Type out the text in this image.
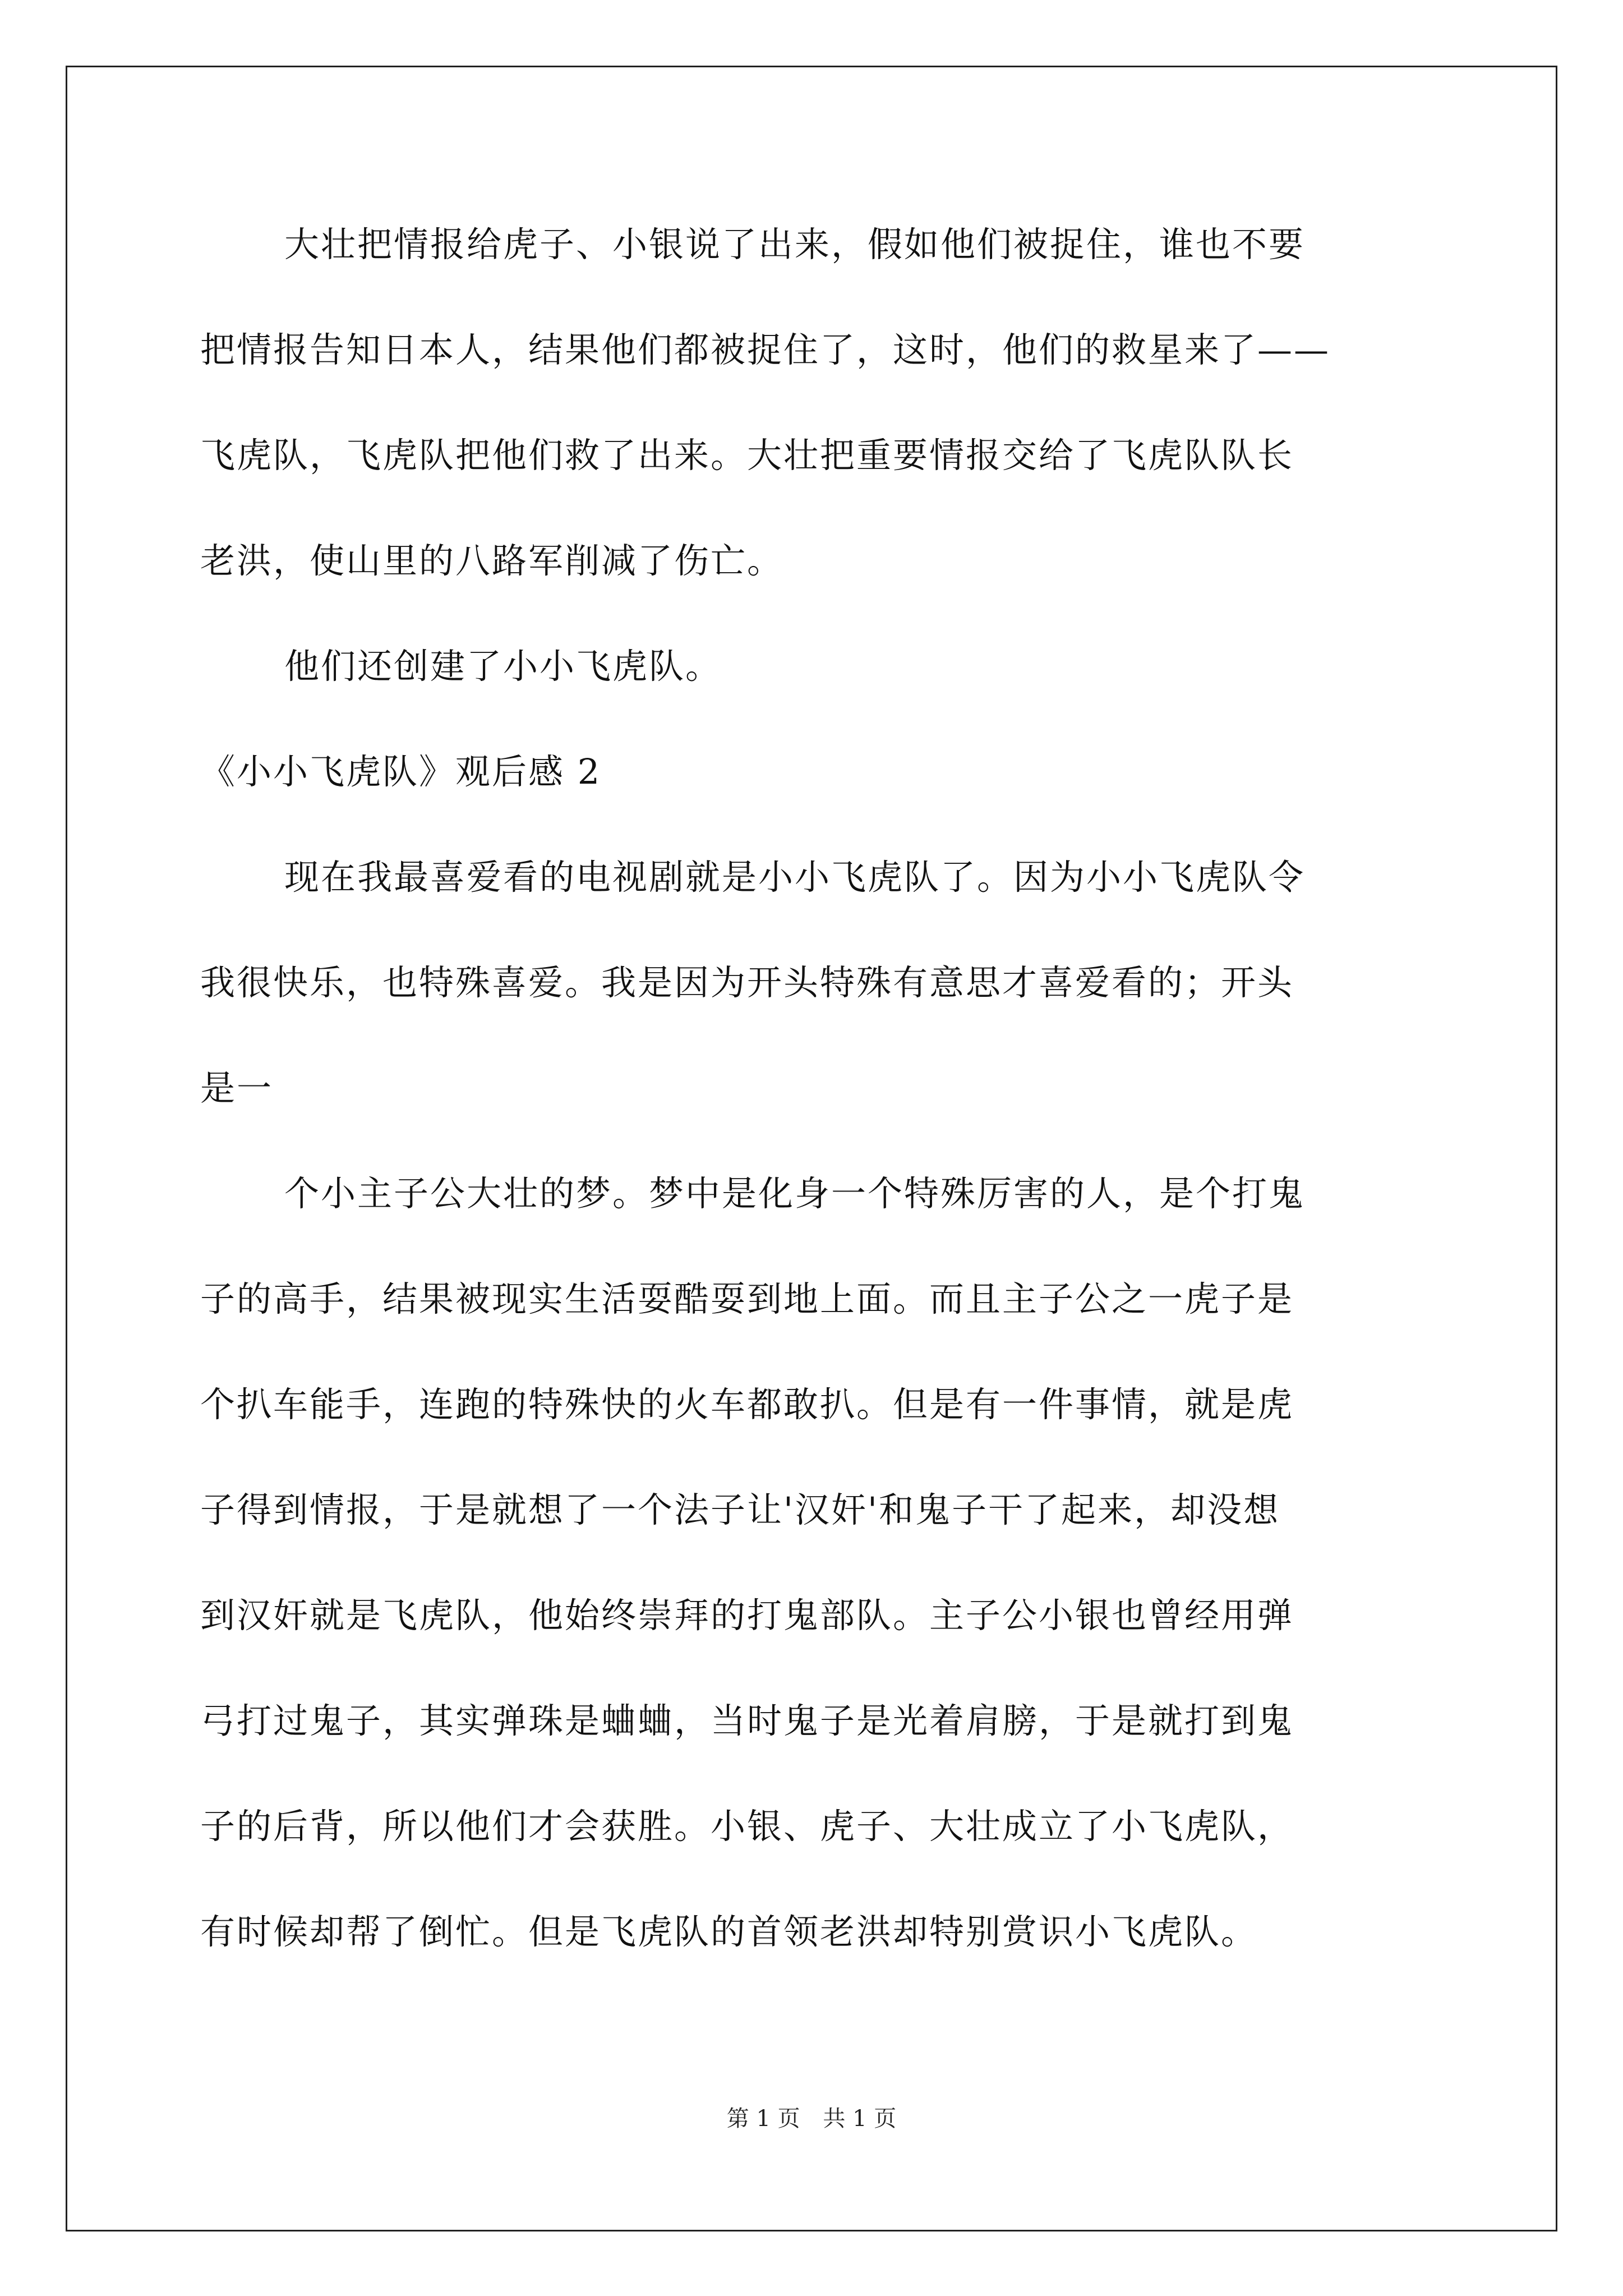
大壮把情报给虎子、小银说了出来，假如他们被捉住，谁也不要

把情报告知日本人，结果他们都被捉住了，这时，他们的救星来了——

飞虎队，飞虎队把他们救了出来。大壮把重要情报交给了飞虎队队长

老洪，使山里的八路军削减了伤亡。

他们还创建了小小飞虎队。

《小小飞虎队》观后感 2

现在我最喜爱看的电视剧就是小小飞虎队了。因为小小飞虎队令

我很快乐，也特殊喜爱。我是因为开头特殊有意思才喜爱看的；开头

是一

个小主子公大壮的梦。梦中是化身一个特殊厉害的人，是个打鬼

子的高手，结果被现实生活耍酷耍到地上面。而且主子公之一虎子是

个扒车能手，连跑的特殊快的火车都敢扒。但是有一件事情，就是虎

子得到情报，于是就想了一个法子让'汉奸'和鬼子干了起来，却没想

到汉奸就是飞虎队，他始终崇拜的打鬼部队。主子公小银也曾经用弹

弓打过鬼子，其实弹珠是蛐蛐，当时鬼子是光着肩膀，于是就打到鬼

子的后背，所以他们才会获胜。小银、虎子、大壮成立了小飞虎队，

有时候却帮了倒忙。但是飞虎队的首领老洪却特别赏识小飞虎队。

第 1 页 共 1 页
